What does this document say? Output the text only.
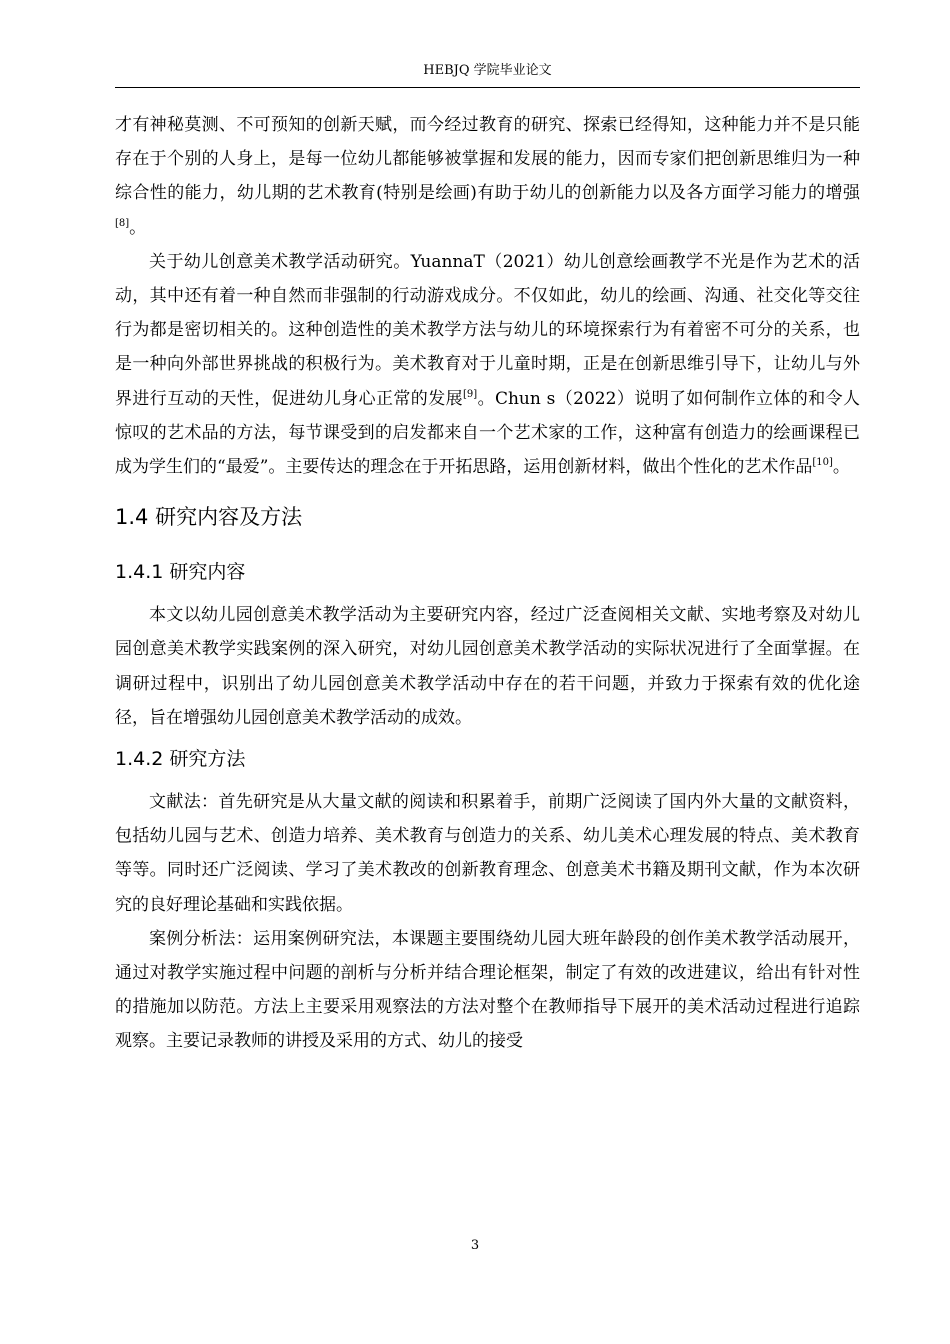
HEBJQ 学院毕业论文

才有神秘莫测、不可预知的创新天赋，而今经过教育的研究、探索已经得知，这种能力并不是只能存在于个别的人身上，是每一位幼儿都能够被掌握和发展的能力，因而专家们把创新思维归为一种综合性的能力，幼儿期的艺术教育(特别是绘画)有助于幼儿的创新能力以及各方面学习能力的增强[8]。

关于幼儿创意美术教学活动研究。YuannaT（2021）幼儿创意绘画教学不光是作为艺术的活动，其中还有着一种自然而非强制的行动游戏成分。不仅如此，幼儿的绘画、沟通、社交化等交往行为都是密切相关的。这种创造性的美术教学方法与幼儿的环境探索行为有着密不可分的关系，也是一种向外部世界挑战的积极行为。美术教育对于儿童时期，正是在创新思维引导下，让幼儿与外界进行互动的天性，促进幼儿身心正常的发展[9]。Chun s（2022）说明了如何制作立体的和令人惊叹的艺术品的方法，每节课受到的启发都来自一个艺术家的工作，这种富有创造力的绘画课程已成为学生们的“最爱”。主要传达的理念在于开拓思路，运用创新材料，做出个性化的艺术作品[10]。

1.4 研究内容及方法
1.4.1 研究内容

本文以幼儿园创意美术教学活动为主要研究内容，经过广泛查阅相关文献、实地考察及对幼儿园创意美术教学实践案例的深入研究，对幼儿园创意美术教学活动的实际状况进行了全面掌握。在调研过程中，识别出了幼儿园创意美术教学活动中存在的若干问题，并致力于探索有效的优化途径，旨在增强幼儿园创意美术教学活动的成效。

1.4.2 研究方法

文献法：首先研究是从大量文献的阅读和积累着手，前期广泛阅读了国内外大量的文献资料，包括幼儿园与艺术、创造力培养、美术教育与创造力的关系、幼儿美术心理发展的特点、美术教育等等。同时还广泛阅读、学习了美术教改的创新教育理念、创意美术书籍及期刊文献，作为本次研究的良好理论基础和实践依据。

案例分析法：运用案例研究法，本课题主要围绕幼儿园大班年龄段的创作美术教学活动展开，通过对教学实施过程中问题的剖析与分析并结合理论框架，制定了有效的改进建议，给出有针对性的措施加以防范。方法上主要采用观察法的方法对整个在教师指导下展开的美术活动过程进行追踪观察。主要记录教师的讲授及采用的方式、幼儿的接受

3
